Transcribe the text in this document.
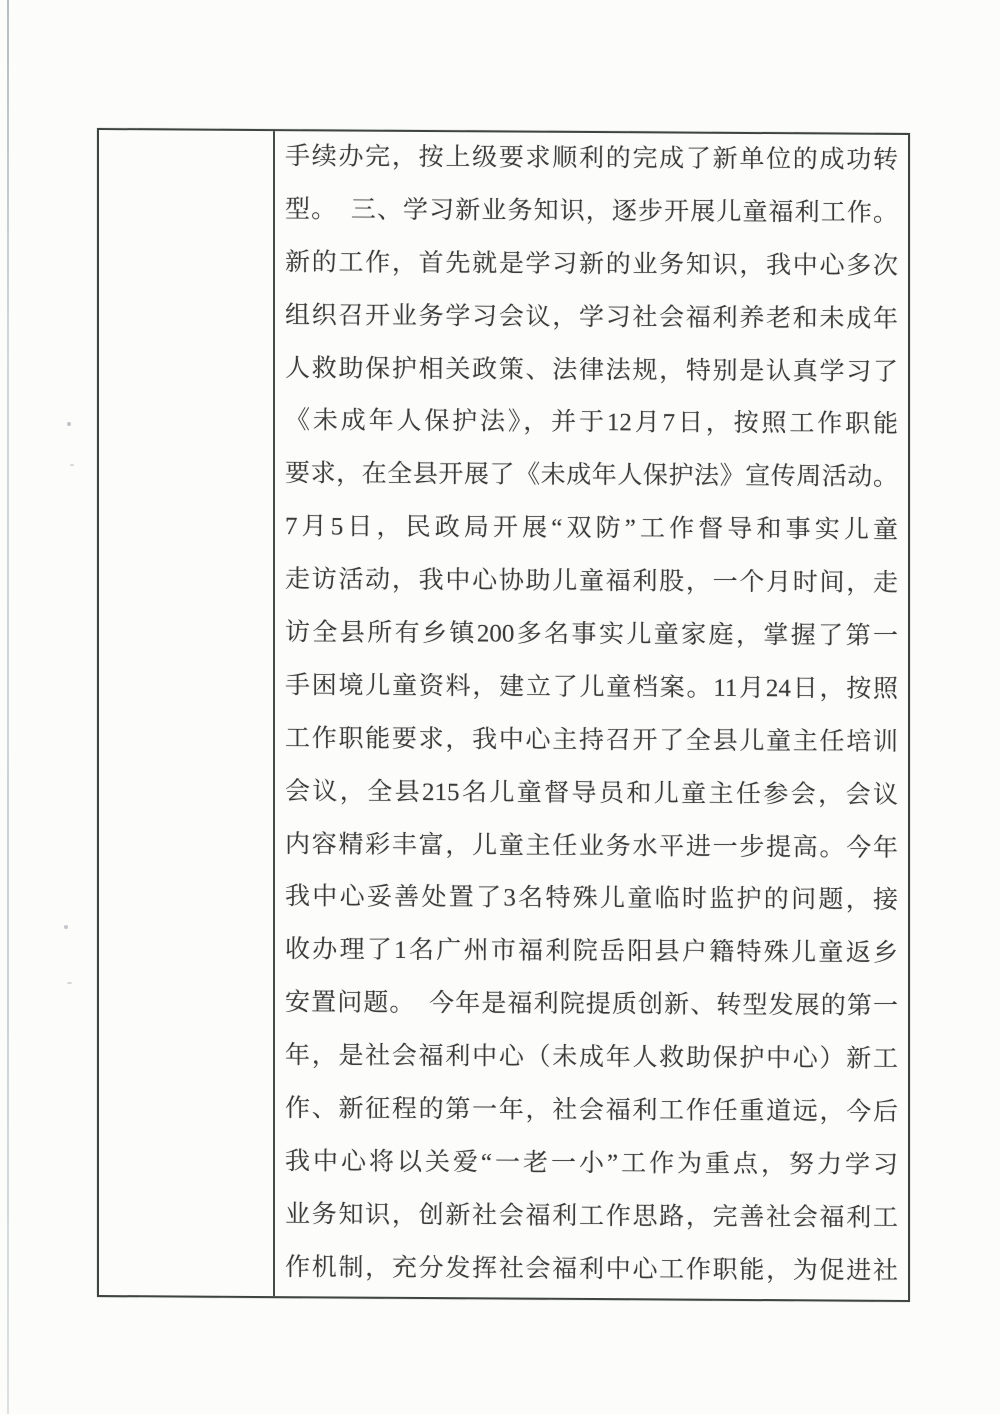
手续办完，按上级要求顺利的完成了新单位的成功转
型。　三、学习新业务知识，逐步开展儿童福利工作。
新的工作，首先就是学习新的业务知识，我中心多次
组织召开业务学习会议，学习社会福利养老和未成年
人救助保护相关政策、法律法规，特别是认真学习了
《未成年人保护法》，并于12月7日，按照工作职能
要求，在全县开展了《未成年人保护法》宣传周活动。
7月5日，民政局开展“双防”工作督导和事实儿童
走访活动，我中心协助儿童福利股，一个月时间，走
访全县所有乡镇200多名事实儿童家庭，掌握了第一
手困境儿童资料，建立了儿童档案。11月24日，按照
工作职能要求，我中心主持召开了全县儿童主任培训
会议，全县215名儿童督导员和儿童主任参会，会议
内容精彩丰富，儿童主任业务水平进一步提高。今年
我中心妥善处置了3名特殊儿童临时监护的问题，接
收办理了1名广州市福利院岳阳县户籍特殊儿童返乡
安置问题。　今年是福利院提质创新、转型发展的第一
年，是社会福利中心（未成年人救助保护中心）新工
作、新征程的第一年，社会福利工作任重道远，今后
我中心将以关爱“一老一小”工作为重点，努力学习
业务知识，创新社会福利工作思路，完善社会福利工
作机制，充分发挥社会福利中心工作职能，为促进社
